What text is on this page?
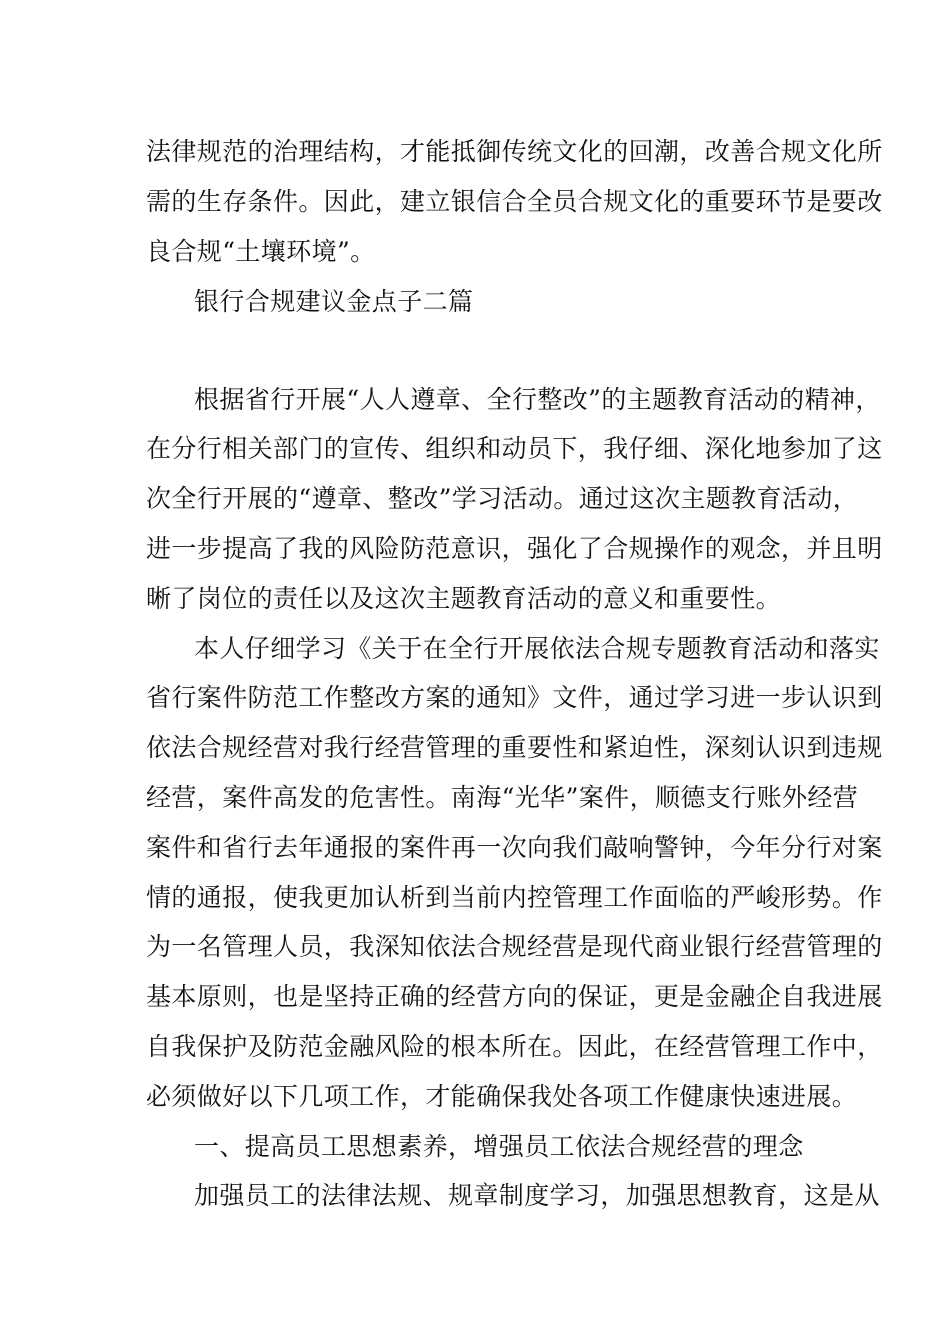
法律规范的治理结构，才能抵御传统文化的回潮，改善合规文化所
需的生存条件。因此，建立银信合全员合规文化的重要环节是要改
良合规“土壤环境”。
银行合规建议金点子二篇
根据省行开展“人人遵章、全行整改”的主题教育活动的精神，
在分行相关部门的宣传、组织和动员下，我仔细、深化地参加了这
次全行开展的“遵章、整改”学习活动。通过这次主题教育活动，
进一步提高了我的风险防范意识，强化了合规操作的观念，并且明
晰了岗位的责任以及这次主题教育活动的意义和重要性。
本人仔细学习《关于在全行开展依法合规专题教育活动和落实
省行案件防范工作整改方案的通知》文件，通过学习进一步认识到
依法合规经营对我行经营管理的重要性和紧迫性，深刻认识到违规
经营，案件高发的危害性。南海“光华”案件，顺德支行账外经营
案件和省行去年通报的案件再一次向我们敲响警钟，今年分行对案
情的通报，使我更加认析到当前内控管理工作面临的严峻形势。作
为一名管理人员，我深知依法合规经营是现代商业银行经营管理的
基本原则，也是坚持正确的经营方向的保证，更是金融企自我进展
自我保护及防范金融风险的根本所在。因此，在经营管理工作中，
必须做好以下几项工作，才能确保我处各项工作健康快速进展。
一、提高员工思想素养，增强员工依法合规经营的理念
加强员工的法律法规、规章制度学习，加强思想教育，这是从
